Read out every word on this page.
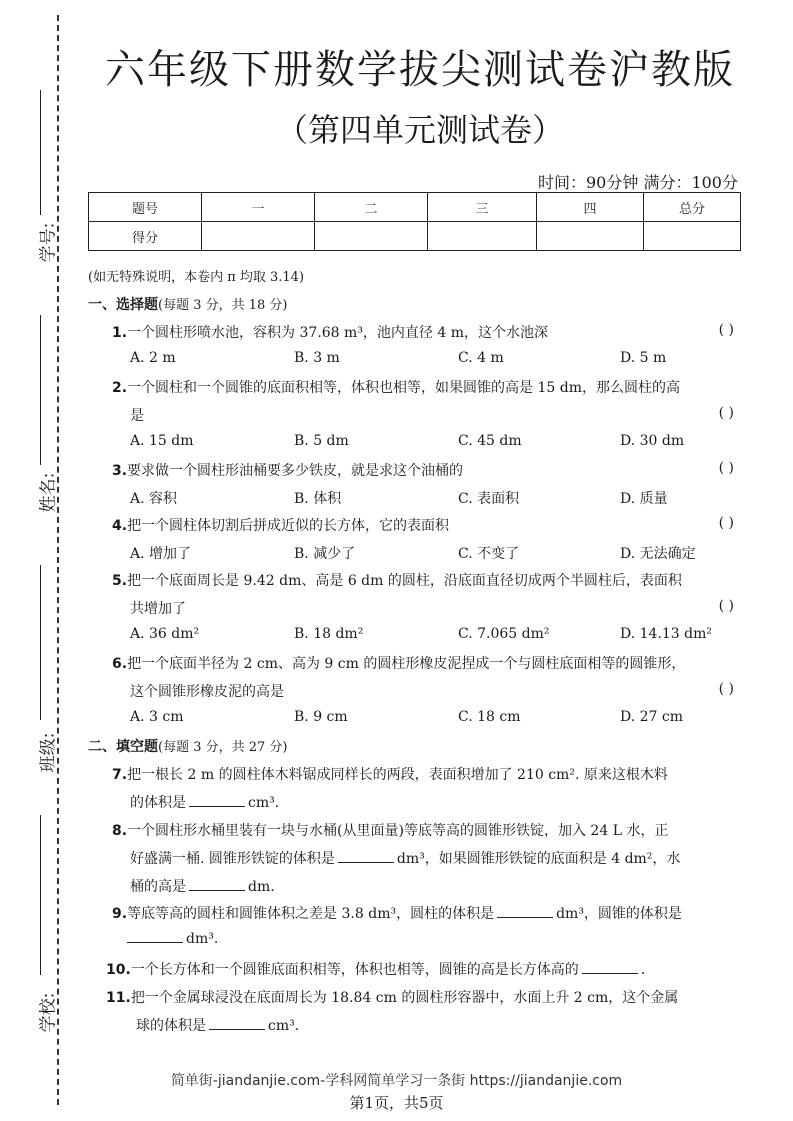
学号:
姓名:
班级:
学校:
六年级下册数学拔尖测试卷沪教版
（第四单元测试卷）
时间：90分钟 满分：100分
题号	一	二	三	四	总分
得分					
(如无特殊说明，本卷内 π 均取 3.14)
一、选择题(每题 3 分，共 18 分)
1.一个圆柱形喷水池，容积为 37.68 m³，池内直径 4 m，这个水池深	( )
A. 2 m	B. 3 m	C. 4 m	D. 5 m
2.一个圆柱和一个圆锥的底面积相等，体积也相等，如果圆锥的高是 15 dm，那么圆柱的高
是	( )
A. 15 dm	B. 5 dm	C. 45 dm	D. 30 dm
3.要求做一个圆柱形油桶要多少铁皮，就是求这个油桶的	( )
A. 容积	B. 体积	C. 表面积	D. 质量
4.把一个圆柱体切割后拼成近似的长方体，它的表面积	( )
A. 增加了	B. 减少了	C. 不变了	D. 无法确定
5.把一个底面周长是 9.42 dm、高是 6 dm 的圆柱，沿底面直径切成两个半圆柱后，表面积
共增加了	( )
A. 36 dm²	B. 18 dm²	C. 7.065 dm²	D. 14.13 dm²
6.把一个底面半径为 2 cm、高为 9 cm 的圆柱形橡皮泥捏成一个与圆柱底面相等的圆锥形，
这个圆锥形橡皮泥的高是	( )
A. 3 cm	B. 9 cm	C. 18 cm	D. 27 cm
二、填空题(每题 3 分，共 27 分)
7.把一根长 2 m 的圆柱体木料锯成同样长的两段，表面积增加了 210 cm². 原来这根木料
的体积是	cm³.
8.一个圆柱形水桶里装有一块与水桶(从里面量)等底等高的圆锥形铁锭，加入 24 L 水，正
好盛满一桶. 圆锥形铁锭的体积是	dm³，如果圆锥形铁锭的底面积是 4 dm²，水
桶的高是	dm.
9.等底等高的圆柱和圆锥体积之差是 3.8 dm³，圆柱的体积是	dm³，圆锥的体积是
dm³.
10.一个长方体和一个圆锥底面积相等，体积也相等，圆锥的高是长方体高的	.
11.把一个金属球浸没在底面周长为 18.84 cm 的圆柱形容器中，水面上升 2 cm，这个金属
球的体积是	cm³.
简单街-jiandanjie.com-学科网简单学习一条街 https://jiandanjie.com
第1页，共5页
